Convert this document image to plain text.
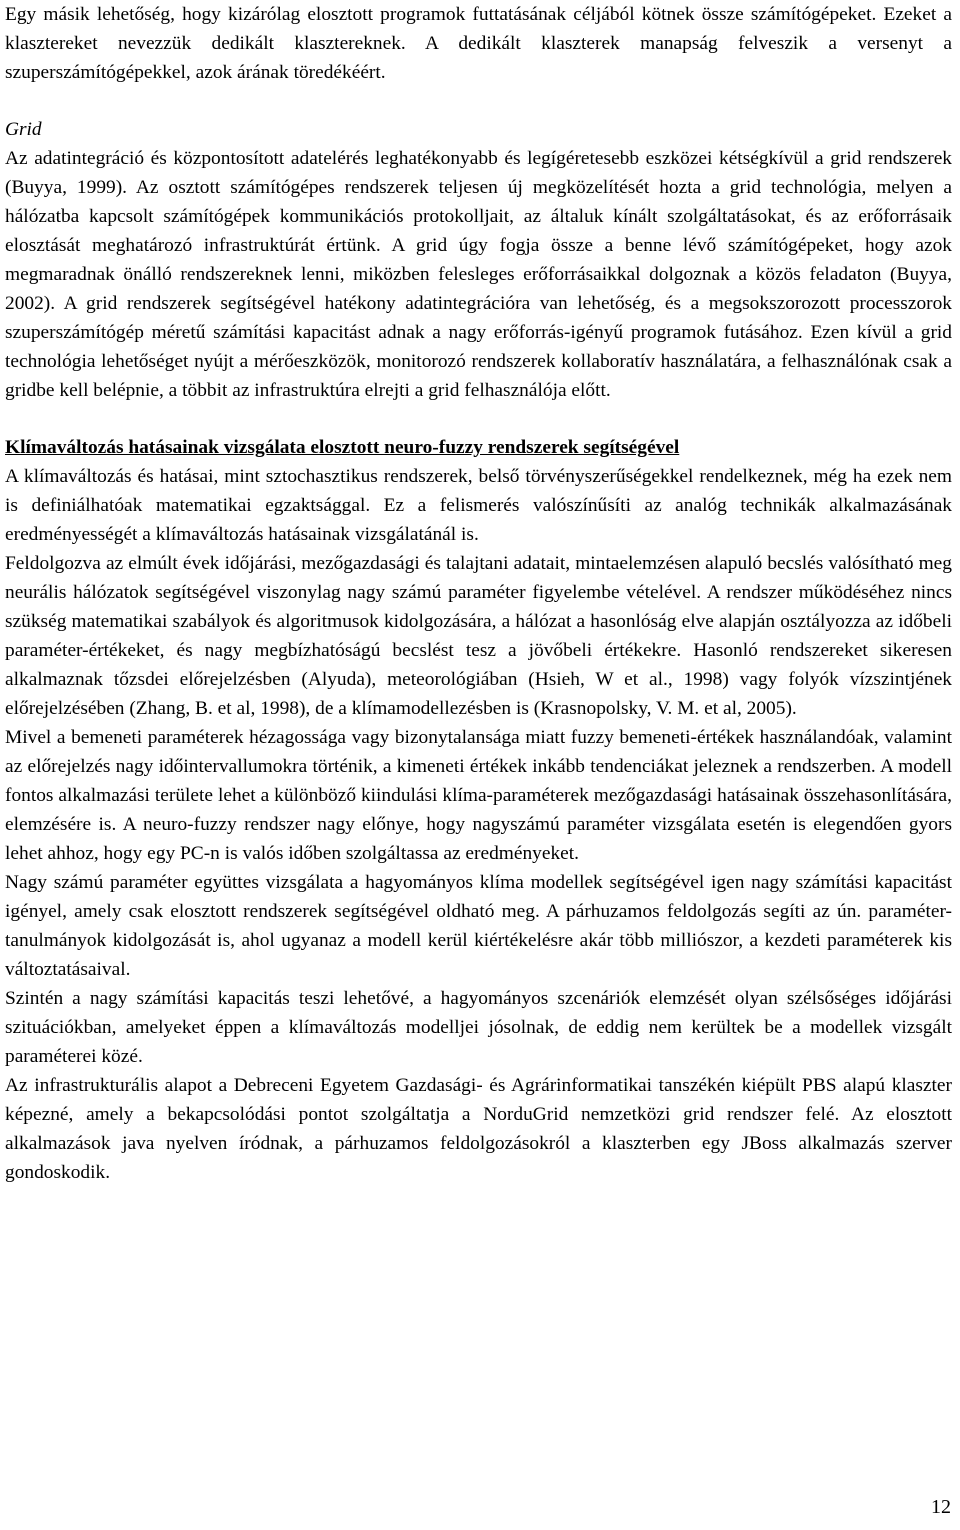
Egy másik lehetőség, hogy kizárólag elosztott programok futtatásának céljából kötnek össze számítógépeket. Ezeket a klasztereket nevezzük dedikált klasztereknek. A dedikált klaszterek manapság felveszik a versenyt a szuperszámítógépekkel, azok árának töredékéért.

Grid

Az adatintegráció és központosított adatelérés leghatékonyabb és legígéretesebb eszközei kétségkívül a grid rendszerek (Buyya, 1999). Az osztott számítógépes rendszerek teljesen új megközelítését hozta a grid technológia, melyen a hálózatba kapcsolt számítógépek kommunikációs protokolljait, az általuk kínált szolgáltatásokat, és az erőforrásaik elosztását meghatározó infrastruktúrát értünk. A grid úgy fogja össze a benne lévő számítógépeket, hogy azok megmaradnak önálló rendszereknek lenni, miközben felesleges erőforrásaikkal dolgoznak a közös feladaton (Buyya, 2002). A grid rendszerek segítségével hatékony adatintegrációra van lehetőség, és a megsokszorozott processzorok szuperszámítógép méretű számítási kapacitást adnak a nagy erőforrás-igényű programok futásához. Ezen kívül a grid technológia lehetőséget nyújt a mérőeszközök, monitorozó rendszerek kollaboratív használatára, a felhasználónak csak a gridbe kell belépnie, a többit az infrastruktúra elrejti a grid felhasználója előtt.

Klímaváltozás hatásainak vizsgálata elosztott neuro-fuzzy rendszerek segítségével

A klímaváltozás és hatásai, mint sztochasztikus rendszerek, belső törvényszerűségekkel rendelkeznek, még ha ezek nem is definiálhatóak matematikai egzaktsággal. Ez a felismerés valószínűsíti az analóg technikák alkalmazásának eredményességét a klímaváltozás hatásainak vizsgálatánál is.

Feldolgozva az elmúlt évek időjárási, mezőgazdasági és talajtani adatait, mintaelemzésen alapuló becslés valósítható meg neurális hálózatok segítségével viszonylag nagy számú paraméter figyelembe vételével. A rendszer működéséhez nincs szükség matematikai szabályok és algoritmusok kidolgozására, a hálózat a hasonlóság elve alapján osztályozza az időbeli paraméter-értékeket, és nagy megbízhatóságú becslést tesz a jövőbeli értékekre. Hasonló rendszereket sikeresen alkalmaznak tőzsdei előrejelzésben (Alyuda), meteorológiában (Hsieh, W et al., 1998) vagy folyók vízszintjének előrejelzésében (Zhang, B. et al, 1998), de a klímamodellezésben is (Krasnopolsky, V. M. et al, 2005).

Mivel a bemeneti paraméterek hézagossága vagy bizonytalansága miatt fuzzy bemeneti-értékek használandóak, valamint az előrejelzés nagy időintervallumokra történik, a kimeneti értékek inkább tendenciákat jeleznek a rendszerben. A modell fontos alkalmazási területe lehet a különböző kiindulási klíma-paraméterek mezőgazdasági hatásainak összehasonlítására, elemzésére is. A neuro-fuzzy rendszer nagy előnye, hogy nagyszámú paraméter vizsgálata esetén is elegendően gyors lehet ahhoz, hogy egy PC-n is valós időben szolgáltassa az eredményeket.

Nagy számú paraméter együttes vizsgálata a hagyományos klíma modellek segítségével igen nagy számítási kapacitást igényel, amely csak elosztott rendszerek segítségével oldható meg. A párhuzamos feldolgozás segíti az ún. paraméter-tanulmányok kidolgozását is, ahol ugyanaz a modell kerül kiértékelésre akár több milliószor, a kezdeti paraméterek kis változtatásaival.

Szintén a nagy számítási kapacitás teszi lehetővé, a hagyományos szcenáriók elemzését olyan szélsőséges időjárási szituációkban, amelyeket éppen a klímaváltozás modelljei jósolnak, de eddig nem kerültek be a modellek vizsgált paraméterei közé.

Az infrastrukturális alapot a Debreceni Egyetem Gazdasági- és Agrárinformatikai tanszékén kiépült PBS alapú klaszter képezné, amely a bekapcsolódási pontot szolgáltatja a NorduGrid nemzetközi grid rendszer felé. Az elosztott alkalmazások java nyelven íródnak, a párhuzamos feldolgozásokról a klaszterben egy JBoss alkalmazás szerver gondoskodik.

12
